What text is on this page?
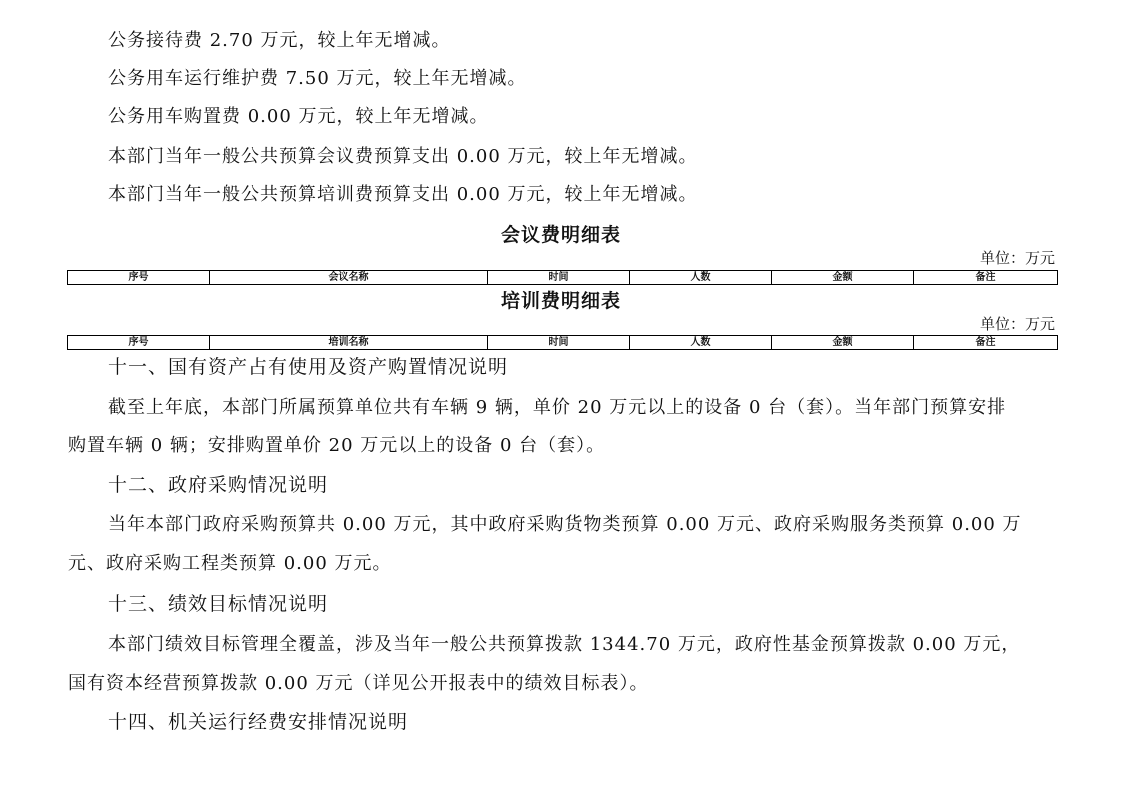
公务接待费 2.70 万元，较上年无增减。
公务用车运行维护费 7.50 万元，较上年无增减。
公务用车购置费 0.00 万元，较上年无增减。
本部门当年一般公共预算会议费预算支出 0.00 万元，较上年无增减。
本部门当年一般公共预算培训费预算支出 0.00 万元，较上年无增减。
会议费明细表
单位：万元
序号	会议名称	时间	人数	金额	备注
培训费明细表
单位：万元
序号	培训名称	时间	人数	金额	备注
十一、国有资产占有使用及资产购置情况说明
截至上年底，本部门所属预算单位共有车辆 9 辆，单价 20 万元以上的设备 0 台（套）。当年部门预算安排
购置车辆 0 辆；安排购置单价 20 万元以上的设备 0 台（套）。
十二、政府采购情况说明
当年本部门政府采购预算共 0.00 万元，其中政府采购货物类预算 0.00 万元、政府采购服务类预算 0.00 万
元、政府采购工程类预算 0.00 万元。
十三、绩效目标情况说明
本部门绩效目标管理全覆盖，涉及当年一般公共预算拨款 1344.70 万元，政府性基金预算拨款 0.00 万元，
国有资本经营预算拨款 0.00 万元（详见公开报表中的绩效目标表）。
十四、机关运行经费安排情况说明
